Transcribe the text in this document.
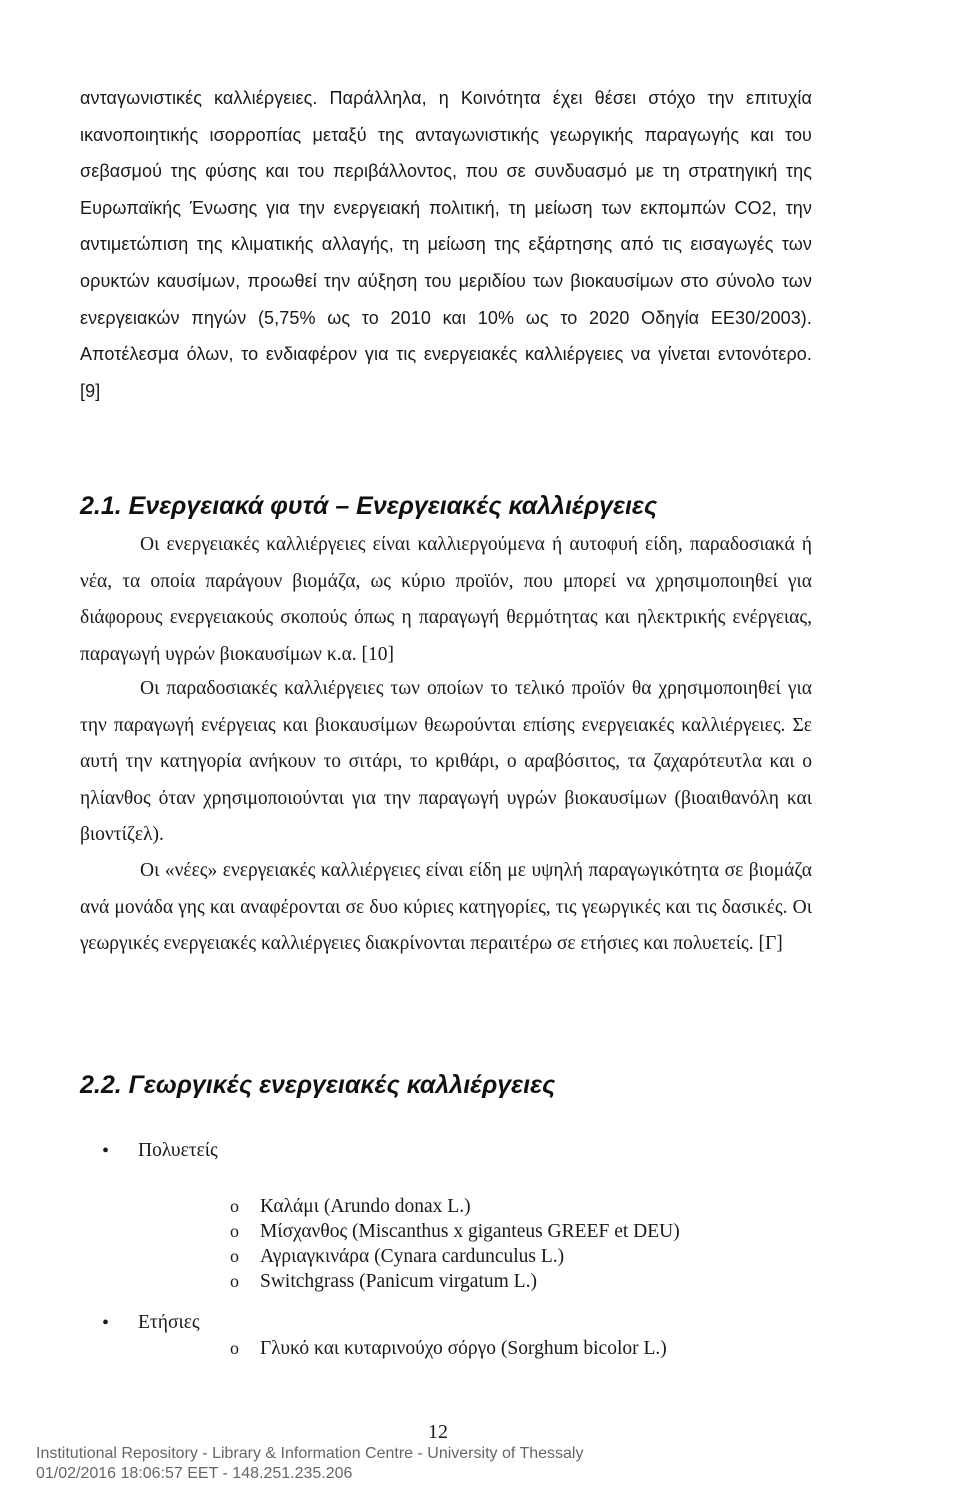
ανταγωνιστικές καλλιέργειες. Παράλληλα, η Κοινότητα έχει θέσει στόχο την επιτυχία ικανοποιητικής ισορροπίας μεταξύ της ανταγωνιστικής γεωργικής παραγωγής και του σεβασμού της φύσης και του περιβάλλοντος, που σε συνδυασμό με τη στρατηγική της Ευρωπαϊκής Ένωσης για την ενεργειακή πολιτική, τη μείωση των εκπομπών CO2, την αντιμετώπιση της κλιματικής αλλαγής, τη μείωση της εξάρτησης από τις εισαγωγές των ορυκτών καυσίμων, προωθεί την αύξηση του μεριδίου των βιοκαυσίμων στο σύνολο των ενεργειακών πηγών (5,75% ως το 2010 και 10% ως το 2020 Οδηγία ΕΕ30/2003). Αποτέλεσμα όλων, το ενδιαφέρον για τις ενεργειακές καλλιέργειες να γίνεται εντονότερο. [9]

2.1. Ενεργειακά φυτά – Ενεργειακές καλλιέργειες

Οι ενεργειακές καλλιέργειες είναι καλλιεργούμενα ή αυτοφυή είδη, παραδοσιακά ή νέα, τα οποία παράγουν βιομάζα, ως κύριο προϊόν, που μπορεί να χρησιμοποιηθεί για διάφορους ενεργειακούς σκοπούς όπως η παραγωγή θερμότητας και ηλεκτρικής ενέργειας, παραγωγή υγρών βιοκαυσίμων κ.α. [10]

Οι παραδοσιακές καλλιέργειες των οποίων το τελικό προϊόν θα χρησιμοποιηθεί για την παραγωγή ενέργειας και βιοκαυσίμων θεωρούνται επίσης ενεργειακές καλλιέργειες. Σε αυτή την κατηγορία ανήκουν το σιτάρι, το κριθάρι, ο αραβόσιτος, τα ζαχαρότευτλα και ο ηλίανθος όταν χρησιμοποιούνται για την παραγωγή υγρών βιοκαυσίμων (βιοαιθανόλη και βιοντίζελ).

Οι «νέες» ενεργειακές καλλιέργειες είναι είδη με υψηλή παραγωγικότητα σε βιομάζα ανά μονάδα γης και αναφέρονται σε δυο κύριες κατηγορίες, τις γεωργικές και τις δασικές. Οι γεωργικές ενεργειακές καλλιέργειες διακρίνονται περαιτέρω σε ετήσιες και πολυετείς. [Γ]

2.2. Γεωργικές ενεργειακές καλλιέργειες
• Πολυετείς
o Καλάμι (Arundo donax L.)
o Μίσχανθος (Miscanthus x giganteus GREEF et DEU)
o Αγριαγκινάρα (Cynara cardunculus L.)
o Switchgrass (Panicum virgatum L.)
• Ετήσιες
o Γλυκό και κυταρινούχο σόργο (Sorghum bicolor L.)
12
Institutional Repository - Library & Information Centre - University of Thessaly
01/02/2016 18:06:57 EET - 148.251.235.206
